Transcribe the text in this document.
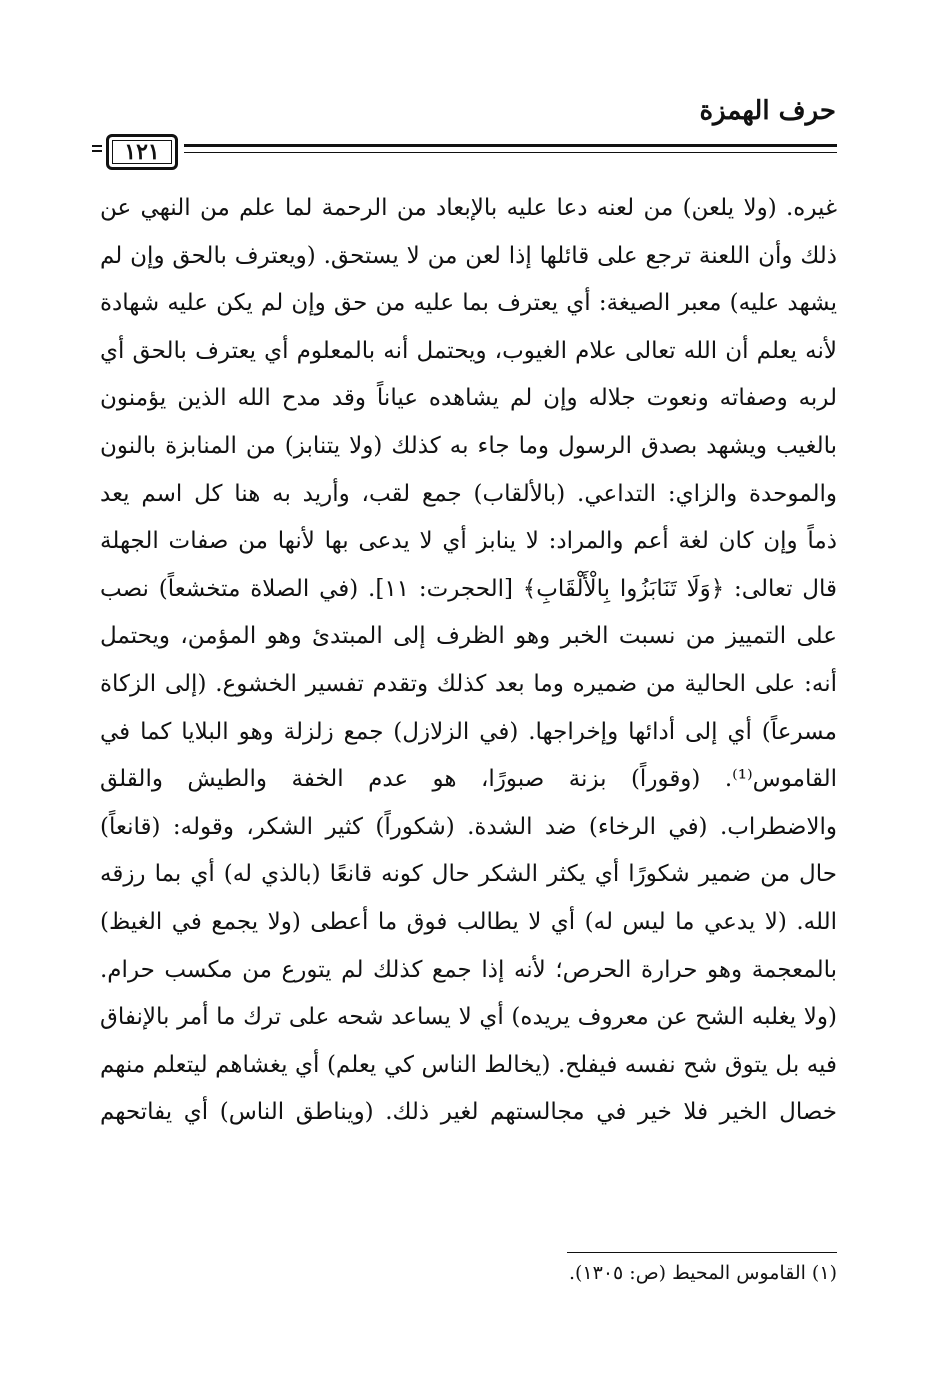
حرف الهمزة
١٢١
غيره. (ولا يلعن) من لعنه دعا عليه بالإبعاد من الرحمة لما علم من النهي عن
ذلك وأن اللعنة ترجع على قائلها إذا لعن من لا يستحق. (ويعترف بالحق وإن لم
يشهد عليه) معبر الصيغة: أي يعترف بما عليه من حق وإن لم يكن عليه شهادة
لأنه يعلم أن الله تعالى علام الغيوب، ويحتمل أنه بالمعلوم أي يعترف بالحق أي
لربه وصفاته ونعوت جلاله وإن لم يشاهده عياناً وقد مدح الله الذين يؤمنون
بالغيب ويشهد بصدق الرسول وما جاء به كذلك (ولا يتنابز) من المنابزة بالنون
والموحدة والزاي: التداعي. (بالألقاب) جمع لقب، وأريد به هنا كل اسم يعد
ذماً وإن كان لغة أعم والمراد: لا ينابز أي لا يدعى بها لأنها من صفات الجهلة
قال تعالى: ﴿وَلَا تَنَابَزُوا بِالْأَلْقَابِ﴾ [الحجرت: ١١]. (في الصلاة متخشعاً) نصب
على التمييز من نسبت الخبر وهو الظرف إلى المبتدئ وهو المؤمن، ويحتمل
أنه: على الحالية من ضميره وما بعد كذلك وتقدم تفسير الخشوع. (إلى الزكاة
مسرعاً) أي إلى أدائها وإخراجها. (في الزلازل) جمع زلزلة وهو البلايا كما في
القاموس⁽¹⁾. (وقوراً) بزنة صبورًا، هو عدم الخفة والطيش والقلق
والاضطراب. (في الرخاء) ضد الشدة. (شكوراً) كثير الشكر، وقوله: (قانعاً)
حال من ضمير شكورًا أي يكثر الشكر حال كونه قانعًا (بالذي له) أي بما رزقه
الله. (لا يدعي ما ليس له) أي لا يطالب فوق ما أعطى (ولا يجمع في الغيظ)
بالمعجمة وهو حرارة الحرص؛ لأنه إذا جمع كذلك لم يتورع من مكسب حرام.
(ولا يغلبه الشح عن معروف يريده) أي لا يساعد شحه على ترك ما أمر بالإنفاق
فيه بل يتوق شح نفسه فيفلح. (يخالط الناس كي يعلم) أي يغشاهم ليتعلم منهم
خصال الخير فلا خير في مجالستهم لغير ذلك. (ويناطق الناس) أي يفاتحهم
(١) القاموس المحيط (ص: ١٣٠٥).
